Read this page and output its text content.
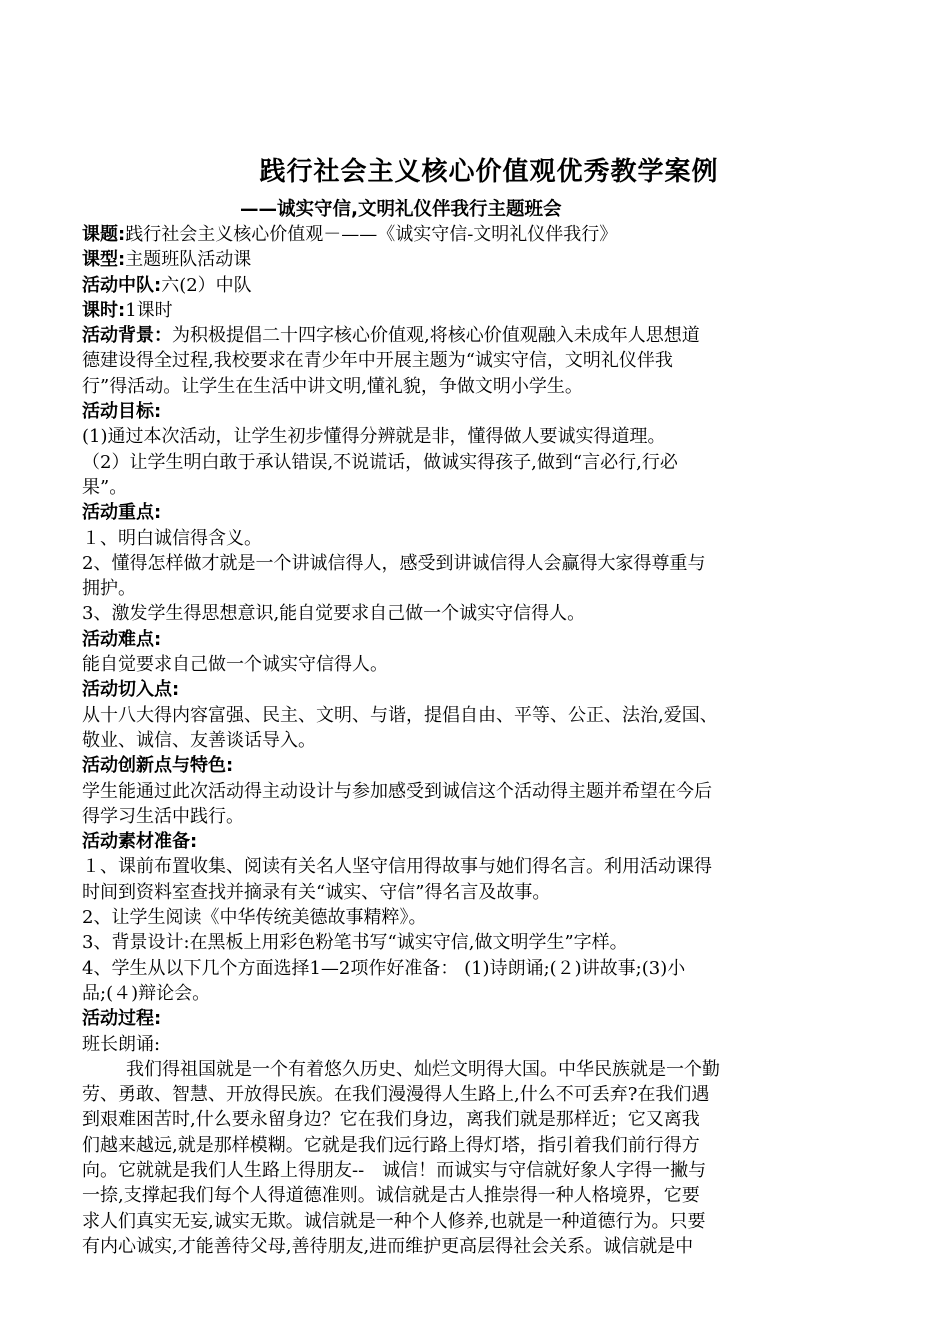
践行社会主义核心价值观优秀教学案例
——诚实守信,文明礼仪伴我行主题班会
课题:践行社会主义核心价值观－——《诚实守信-文明礼仪伴我行》
课型:主题班队活动课
活动中队:六(2）中队
课时:1课时
活动背景：为积极提倡二十四字核心价值观,将核心价值观融入未成年人思想道
德建设得全过程,我校要求在青少年中开展主题为“诚实守信，文明礼仪伴我
行”得活动。让学生在生活中讲文明,懂礼貌，争做文明小学生。
活动目标:
(1)通过本次活动，让学生初步懂得分辨就是非，懂得做人要诚实得道理。
（2）让学生明白敢于承认错误,不说谎话，做诚实得孩子,做到“言必行,行必
果”。
活动重点:
１、明白诚信得含义。
2、懂得怎样做才就是一个讲诚信得人，感受到讲诚信得人会赢得大家得尊重与
拥护。
3、激发学生得思想意识,能自觉要求自己做一个诚实守信得人。
活动难点:
能自觉要求自己做一个诚实守信得人。
活动切入点:
从十八大得内容富强、民主、文明、与谐，提倡自由、平等、公正、法治,爱国、
敬业、诚信、友善谈话导入。
活动创新点与特色:
学生能通过此次活动得主动设计与参加感受到诚信这个活动得主题并希望在今后
得学习生活中践行。
活动素材准备:
１、课前布置收集、阅读有关名人坚守信用得故事与她们得名言。利用活动课得
时间到资料室查找并摘录有关“诚实、守信”得名言及故事。
2、让学生阅读《中华传统美德故事精粹》。
3、背景设计:在黑板上用彩色粉笔书写“诚实守信,做文明学生”字样。
4、学生从以下几个方面选择1—2项作好准备： (1)诗朗诵;(２)讲故事;(3)小
品;(４)辩论会。
活动过程:
班长朗诵:
我们得祖国就是一个有着悠久历史、灿烂文明得大国。中华民族就是一个勤
劳、勇敢、智慧、开放得民族。在我们漫漫得人生路上,什么不可丢弃?在我们遇
到艰难困苦时,什么要永留身边？它在我们身边，离我们就是那样近；它又离我
们越来越远,就是那样模糊。它就是我们远行路上得灯塔，指引着我们前行得方
向。它就就是我们人生路上得朋友--　诚信！而诚实与守信就好象人字得一撇与
一捺,支撑起我们每个人得道德准则。诚信就是古人推崇得一种人格境界，它要
求人们真实无妄,诚实无欺。诚信就是一种个人修养,也就是一种道德行为。只要
有内心诚实,才能善待父母,善待朋友,进而维护更高层得社会关系。诚信就是中
